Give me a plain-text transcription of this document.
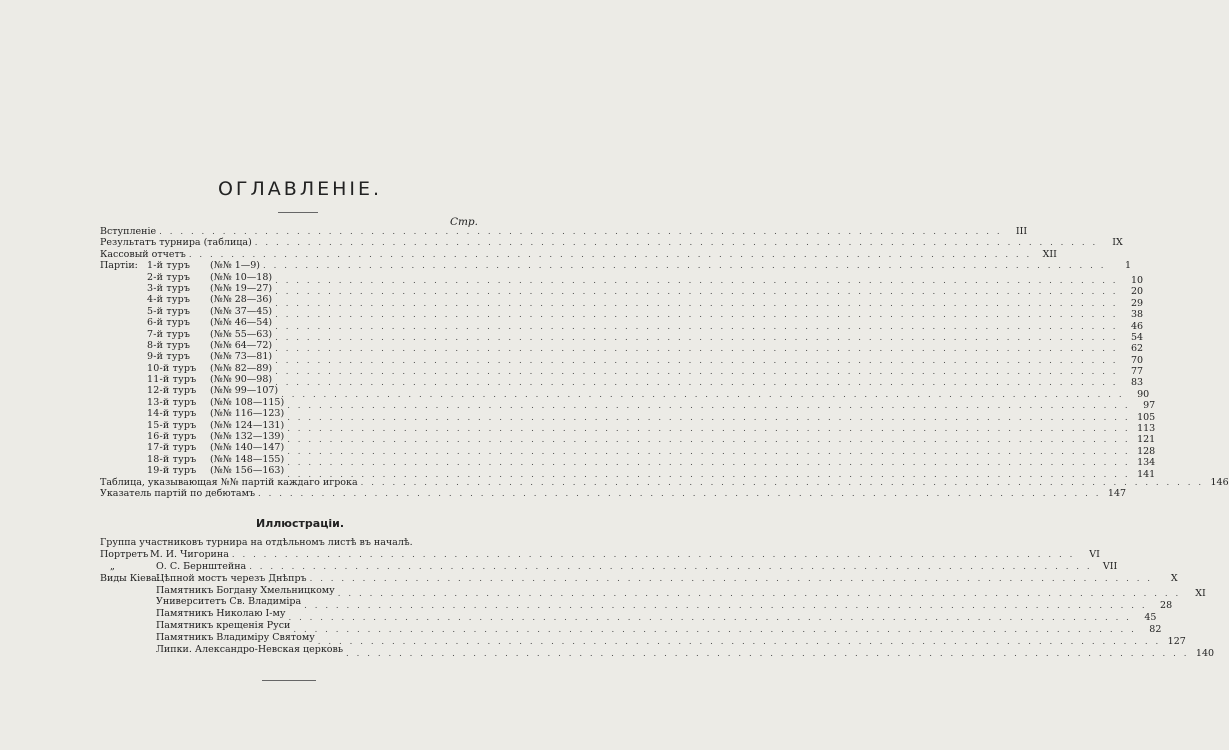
ОГЛАВЛЕНІЕ.
Стр.
Вступленіе . . . . . . . . . . . . . . . . . . . . . . . . . . . . . . . . . . . . . . . . . . . . . . . . . . . . . . . . . . . . . . . . . . . . . . . . . . . . . . . .	III
Результатъ турнира (таблица) . . . . . . . . . . . . . . . . . . . . . . . . . . . . . . . . . . . . . . . . . . . . . . . . . . . . . . . . . . . . . . . . . . . . . . . . . . . . . . . .	IX
Кассовый отчетъ . . . . . . . . . . . . . . . . . . . . . . . . . . . . . . . . . . . . . . . . . . . . . . . . . . . . . . . . . . . . . . . . . . . . . . . . . . . . . . . .	XII
Партіи: 1-й туръ	(№№ 1—9) . . . . . . . . . . . . . . . . . . . . . . . . . . . . . . . . . . . . . . . . . . . . . . . . . . . . . . . . . . . . . . . . . . . . . . . . . . . . . . . .	1
2-й туръ	(№№ 10—18) . . . . . . . . . . . . . . . . . . . . . . . . . . . . . . . . . . . . . . . . . . . . . . . . . . . . . . . . . . . . . . . . . . . . . . . . . . . . . . . .	10
3-й туръ	(№№ 19—27) . . . . . . . . . . . . . . . . . . . . . . . . . . . . . . . . . . . . . . . . . . . . . . . . . . . . . . . . . . . . . . . . . . . . . . . . . . . . . . . .	20
4-й туръ	(№№ 28—36) . . . . . . . . . . . . . . . . . . . . . . . . . . . . . . . . . . . . . . . . . . . . . . . . . . . . . . . . . . . . . . . . . . . . . . . . . . . . . . . .	29
5-й туръ	(№№ 37—45) . . . . . . . . . . . . . . . . . . . . . . . . . . . . . . . . . . . . . . . . . . . . . . . . . . . . . . . . . . . . . . . . . . . . . . . . . . . . . . . .	38
6-й туръ	(№№ 46—54) . . . . . . . . . . . . . . . . . . . . . . . . . . . . . . . . . . . . . . . . . . . . . . . . . . . . . . . . . . . . . . . . . . . . . . . . . . . . . . . .	46
7-й туръ	(№№ 55—63) . . . . . . . . . . . . . . . . . . . . . . . . . . . . . . . . . . . . . . . . . . . . . . . . . . . . . . . . . . . . . . . . . . . . . . . . . . . . . . . .	54
8-й туръ	(№№ 64—72) . . . . . . . . . . . . . . . . . . . . . . . . . . . . . . . . . . . . . . . . . . . . . . . . . . . . . . . . . . . . . . . . . . . . . . . . . . . . . . . .	62
9-й туръ	(№№ 73—81) . . . . . . . . . . . . . . . . . . . . . . . . . . . . . . . . . . . . . . . . . . . . . . . . . . . . . . . . . . . . . . . . . . . . . . . . . . . . . . . .	70
10-й туръ	(№№ 82—89) . . . . . . . . . . . . . . . . . . . . . . . . . . . . . . . . . . . . . . . . . . . . . . . . . . . . . . . . . . . . . . . . . . . . . . . . . . . . . . . .	77
11-й туръ	(№№ 90—98) . . . . . . . . . . . . . . . . . . . . . . . . . . . . . . . . . . . . . . . . . . . . . . . . . . . . . . . . . . . . . . . . . . . . . . . . . . . . . . . .	83
12-й туръ	(№№ 99—107) . . . . . . . . . . . . . . . . . . . . . . . . . . . . . . . . . . . . . . . . . . . . . . . . . . . . . . . . . . . . . . . . . . . . . . . . . . . . . . . .	90
13-й туръ	(№№ 108—115) . . . . . . . . . . . . . . . . . . . . . . . . . . . . . . . . . . . . . . . . . . . . . . . . . . . . . . . . . . . . . . . . . . . . . . . . . . . . . . . .	97
14-й туръ	(№№ 116—123) . . . . . . . . . . . . . . . . . . . . . . . . . . . . . . . . . . . . . . . . . . . . . . . . . . . . . . . . . . . . . . . . . . . . . . . . . . . . . . . . 105
15-й туръ	(№№ 124—131) . . . . . . . . . . . . . . . . . . . . . . . . . . . . . . . . . . . . . . . . . . . . . . . . . . . . . . . . . . . . . . . . . . . . . . . . . . . . . . . . 113
16-й туръ	(№№ 132—139) . . . . . . . . . . . . . . . . . . . . . . . . . . . . . . . . . . . . . . . . . . . . . . . . . . . . . . . . . . . . . . . . . . . . . . . . . . . . . . . . 121
17-й туръ	(№№ 140—147) . . . . . . . . . . . . . . . . . . . . . . . . . . . . . . . . . . . . . . . . . . . . . . . . . . . . . . . . . . . . . . . . . . . . . . . . . . . . . . . . 128
18-й туръ	(№№ 148—155) . . . . . . . . . . . . . . . . . . . . . . . . . . . . . . . . . . . . . . . . . . . . . . . . . . . . . . . . . . . . . . . . . . . . . . . . . . . . . . . . 134
19-й туръ	(№№ 156—163) . . . . . . . . . . . . . . . . . . . . . . . . . . . . . . . . . . . . . . . . . . . . . . . . . . . . . . . . . . . . . . . . . . . . . . . . . . . . . . . . 141
Таблица, указывающая №№ партій каждаго игрока . . . . . . . . . . . . . . . . . . . . . . . . . . . . . . . . . . . . . . . . . . . . . . . . . . . . . . . . . . . . . . . . . . . . . . . . . . . . . . . . 146
Указатель партій по дебютамъ . . . . . . . . . . . . . . . . . . . . . . . . . . . . . . . . . . . . . . . . . . . . . . . . . . . . . . . . . . . . . . . . . . . . . . . . . . . . . . . . 147
Иллюстраціи.
Группа участниковъ турнира на отдѣльномъ листѣ въ началѣ.
Портретъ М. И. Чигорина . . . . . . . . . . . . . . . . . . . . . . . . . . . . . . . . . . . . . . . . . . . . . . . . . . . . . . . . . . . . . . . . . . . . . . . . . . . . . . . .	VI
„	О. С. Бернштейна . . . . . . . . . . . . . . . . . . . . . . . . . . . . . . . . . . . . . . . . . . . . . . . . . . . . . . . . . . . . . . . . . . . . . . . . . . . . . . . .	VII
Виды Кіева:
Цѣпной мостъ черезъ Днѣпръ . . . . . . . . . . . . . . . . . . . . . . . . . . . . . . . . . . . . . . . . . . . . . . . . . . . . . . . . . . . . . . . . . . . . . . . . . . . . . . . .	X
Памятникъ Богдану Хмельницкому . . . . . . . . . . . . . . . . . . . . . . . . . . . . . . . . . . . . . . . . . . . . . . . . . . . . . . . . . . . . . . . . . . . . . . . . . . . . . . . .	XI
Университетъ Св. Владиміра . . . . . . . . . . . . . . . . . . . . . . . . . . . . . . . . . . . . . . . . . . . . . . . . . . . . . . . . . . . . . . . . . . . . . . . . . . . . . . . .	28
Памятникъ Николаю I-му . . . . . . . . . . . . . . . . . . . . . . . . . . . . . . . . . . . . . . . . . . . . . . . . . . . . . . . . . . . . . . . . . . . . . . . . . . . . . . . .	45
Памятникъ крещенія Руси . . . . . . . . . . . . . . . . . . . . . . . . . . . . . . . . . . . . . . . . . . . . . . . . . . . . . . . . . . . . . . . . . . . . . . . . . . . . . . . .	82
Памятникъ Владиміру Святому . . . . . . . . . . . . . . . . . . . . . . . . . . . . . . . . . . . . . . . . . . . . . . . . . . . . . . . . . . . . . . . . . . . . . . . . . . . . . . . . 127
Липки. Александро-Невская церковь . . . . . . . . . . . . . . . . . . . . . . . . . . . . . . . . . . . . . . . . . . . . . . . . . . . . . . . . . . . . . . . . . . . . . . . . . . . . . . . . 140
